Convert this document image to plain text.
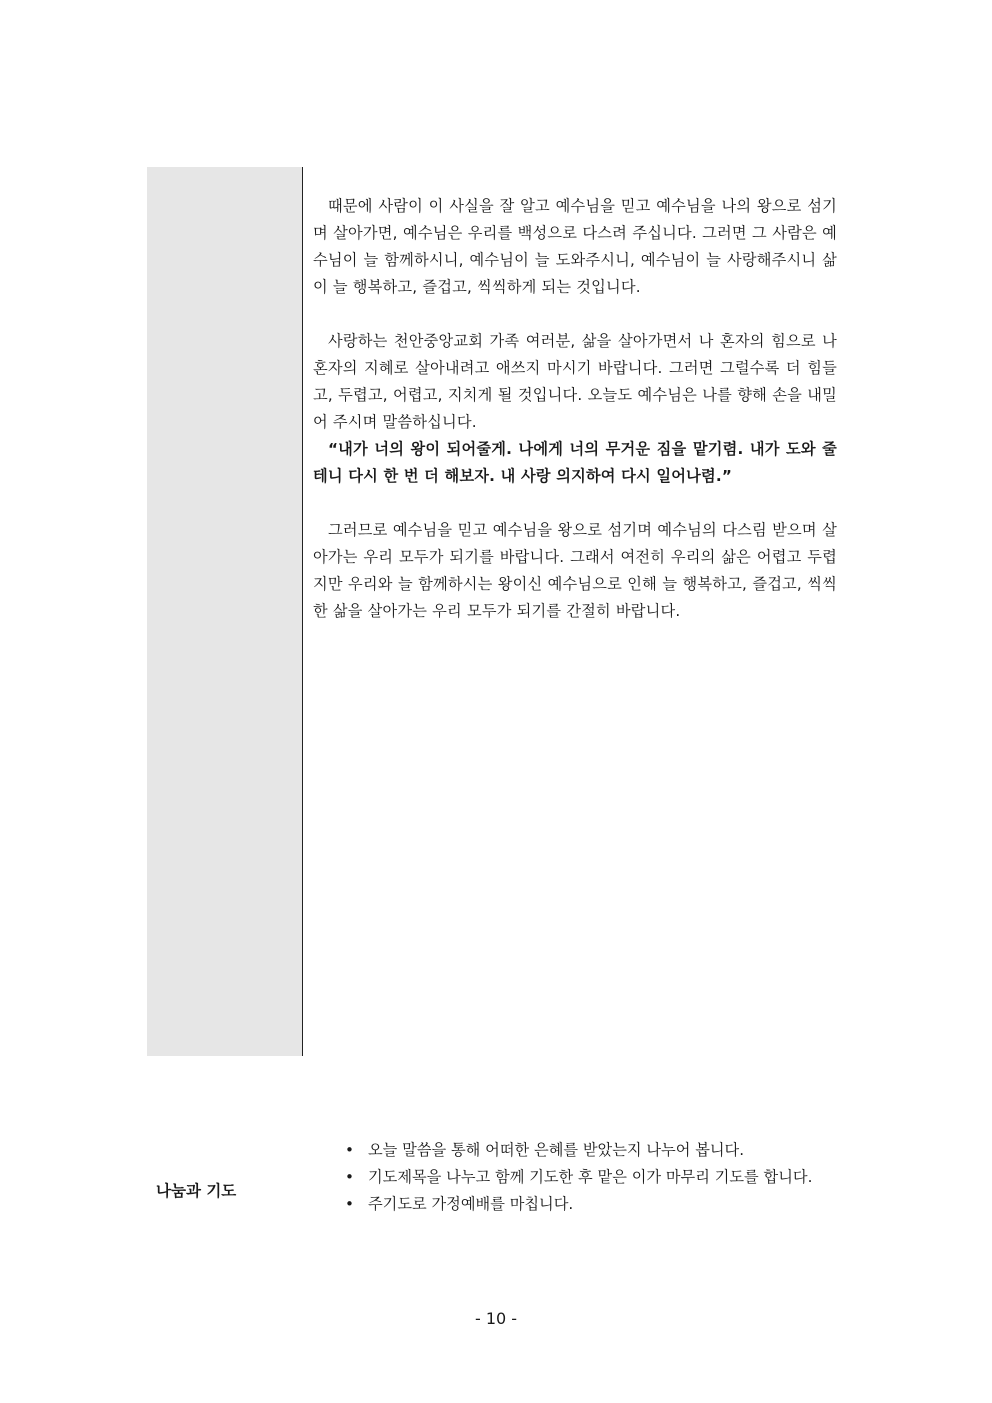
때문에 사람이 이 사실을 잘 알고 예수님을 믿고 예수님을 나의 왕으로 섬기며 살아가면, 예수님은 우리를 백성으로 다스려 주십니다. 그러면 그 사람은 예수님이 늘 함께하시니, 예수님이 늘 도와주시니, 예수님이 늘 사랑해주시니 삶이 늘 행복하고, 즐겁고, 씩씩하게 되는 것입니다.

사랑하는 천안중앙교회 가족 여러분, 삶을 살아가면서 나 혼자의 힘으로 나 혼자의 지혜로 살아내려고 애쓰지 마시기 바랍니다. 그러면 그럴수록 더 힘들고, 두렵고, 어렵고, 지치게 될 것입니다. 오늘도 예수님은 나를 향해 손을 내밀어 주시며 말씀하십니다.

“내가 너의 왕이 되어줄게. 나에게 너의 무거운 짐을 맡기렴. 내가 도와 줄테니 다시 한 번 더 해보자. 내 사랑 의지하여 다시 일어나렴.”

그러므로 예수님을 믿고 예수님을 왕으로 섬기며 예수님의 다스림 받으며 살아가는 우리 모두가 되기를 바랍니다. 그래서 여전히 우리의 삶은 어렵고 두렵지만 우리와 늘 함께하시는 왕이신 예수님으로 인해 늘 행복하고, 즐겁고, 씩씩한 삶을 살아가는 우리 모두가 되기를 간절히 바랍니다.

나눔과 기도
• 오늘 말씀을 통해 어떠한 은혜를 받았는지 나누어 봅니다.
• 기도제목을 나누고 함께 기도한 후 맡은 이가 마무리 기도를 합니다.
• 주기도로 가정예배를 마칩니다.
- 10 -
